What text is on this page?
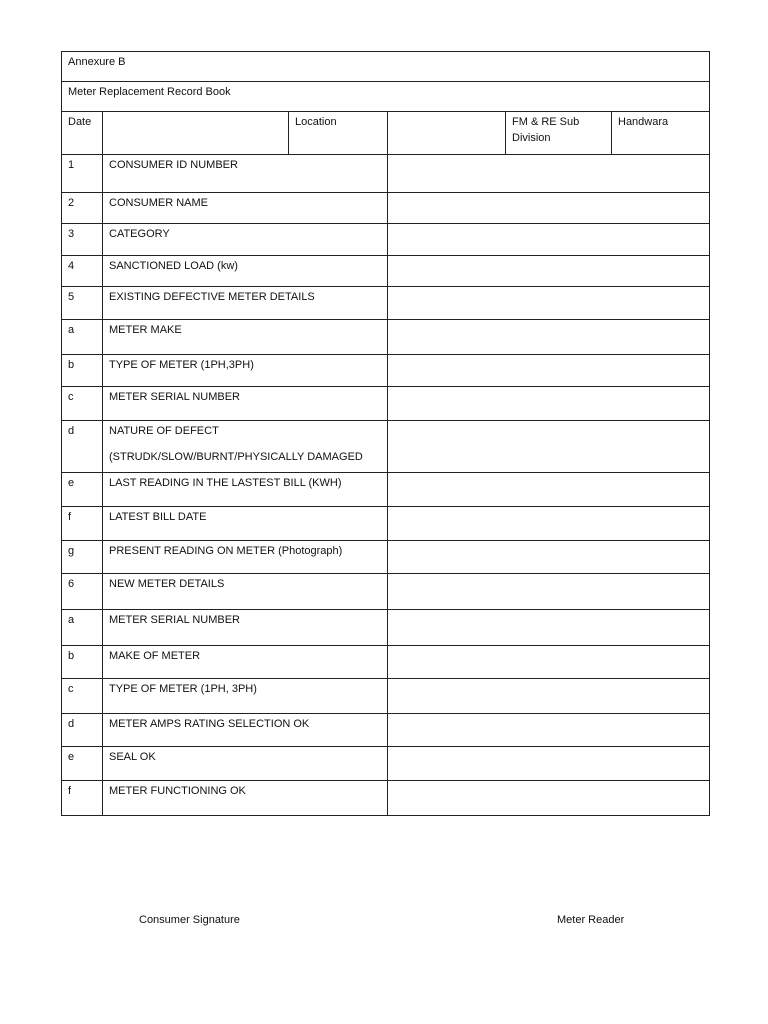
Annexure B					
Meter Replacement Record Book					
Date		Location		FM & RE Sub Division	Handwara
1	CONSUMER ID NUMBER				
2	CONSUMER NAME				
3	CATEGORY				
4	SANCTIONED LOAD (kw)				
5	EXISTING DEFECTIVE METER DETAILS				
a	METER MAKE				
b	TYPE OF METER (1PH,3PH)				
c	METER SERIAL NUMBER				
d	NATURE OF DEFECT
(STRUDK/SLOW/BURNT/PHYSICALLY DAMAGED				

e	LAST READING IN THE LASTEST BILL (KWH)				
f	LATEST BILL DATE				
g	PRESENT READING ON METER (Photograph)				
6	NEW METER DETAILS				
a	METER SERIAL NUMBER				
b	MAKE OF METER				
c	TYPE OF METER (1PH, 3PH)				
d	METER AMPS RATING SELECTION OK				
e	SEAL OK				
f	METER FUNCTIONING OK				
Consumer Signature	Meter Reader
